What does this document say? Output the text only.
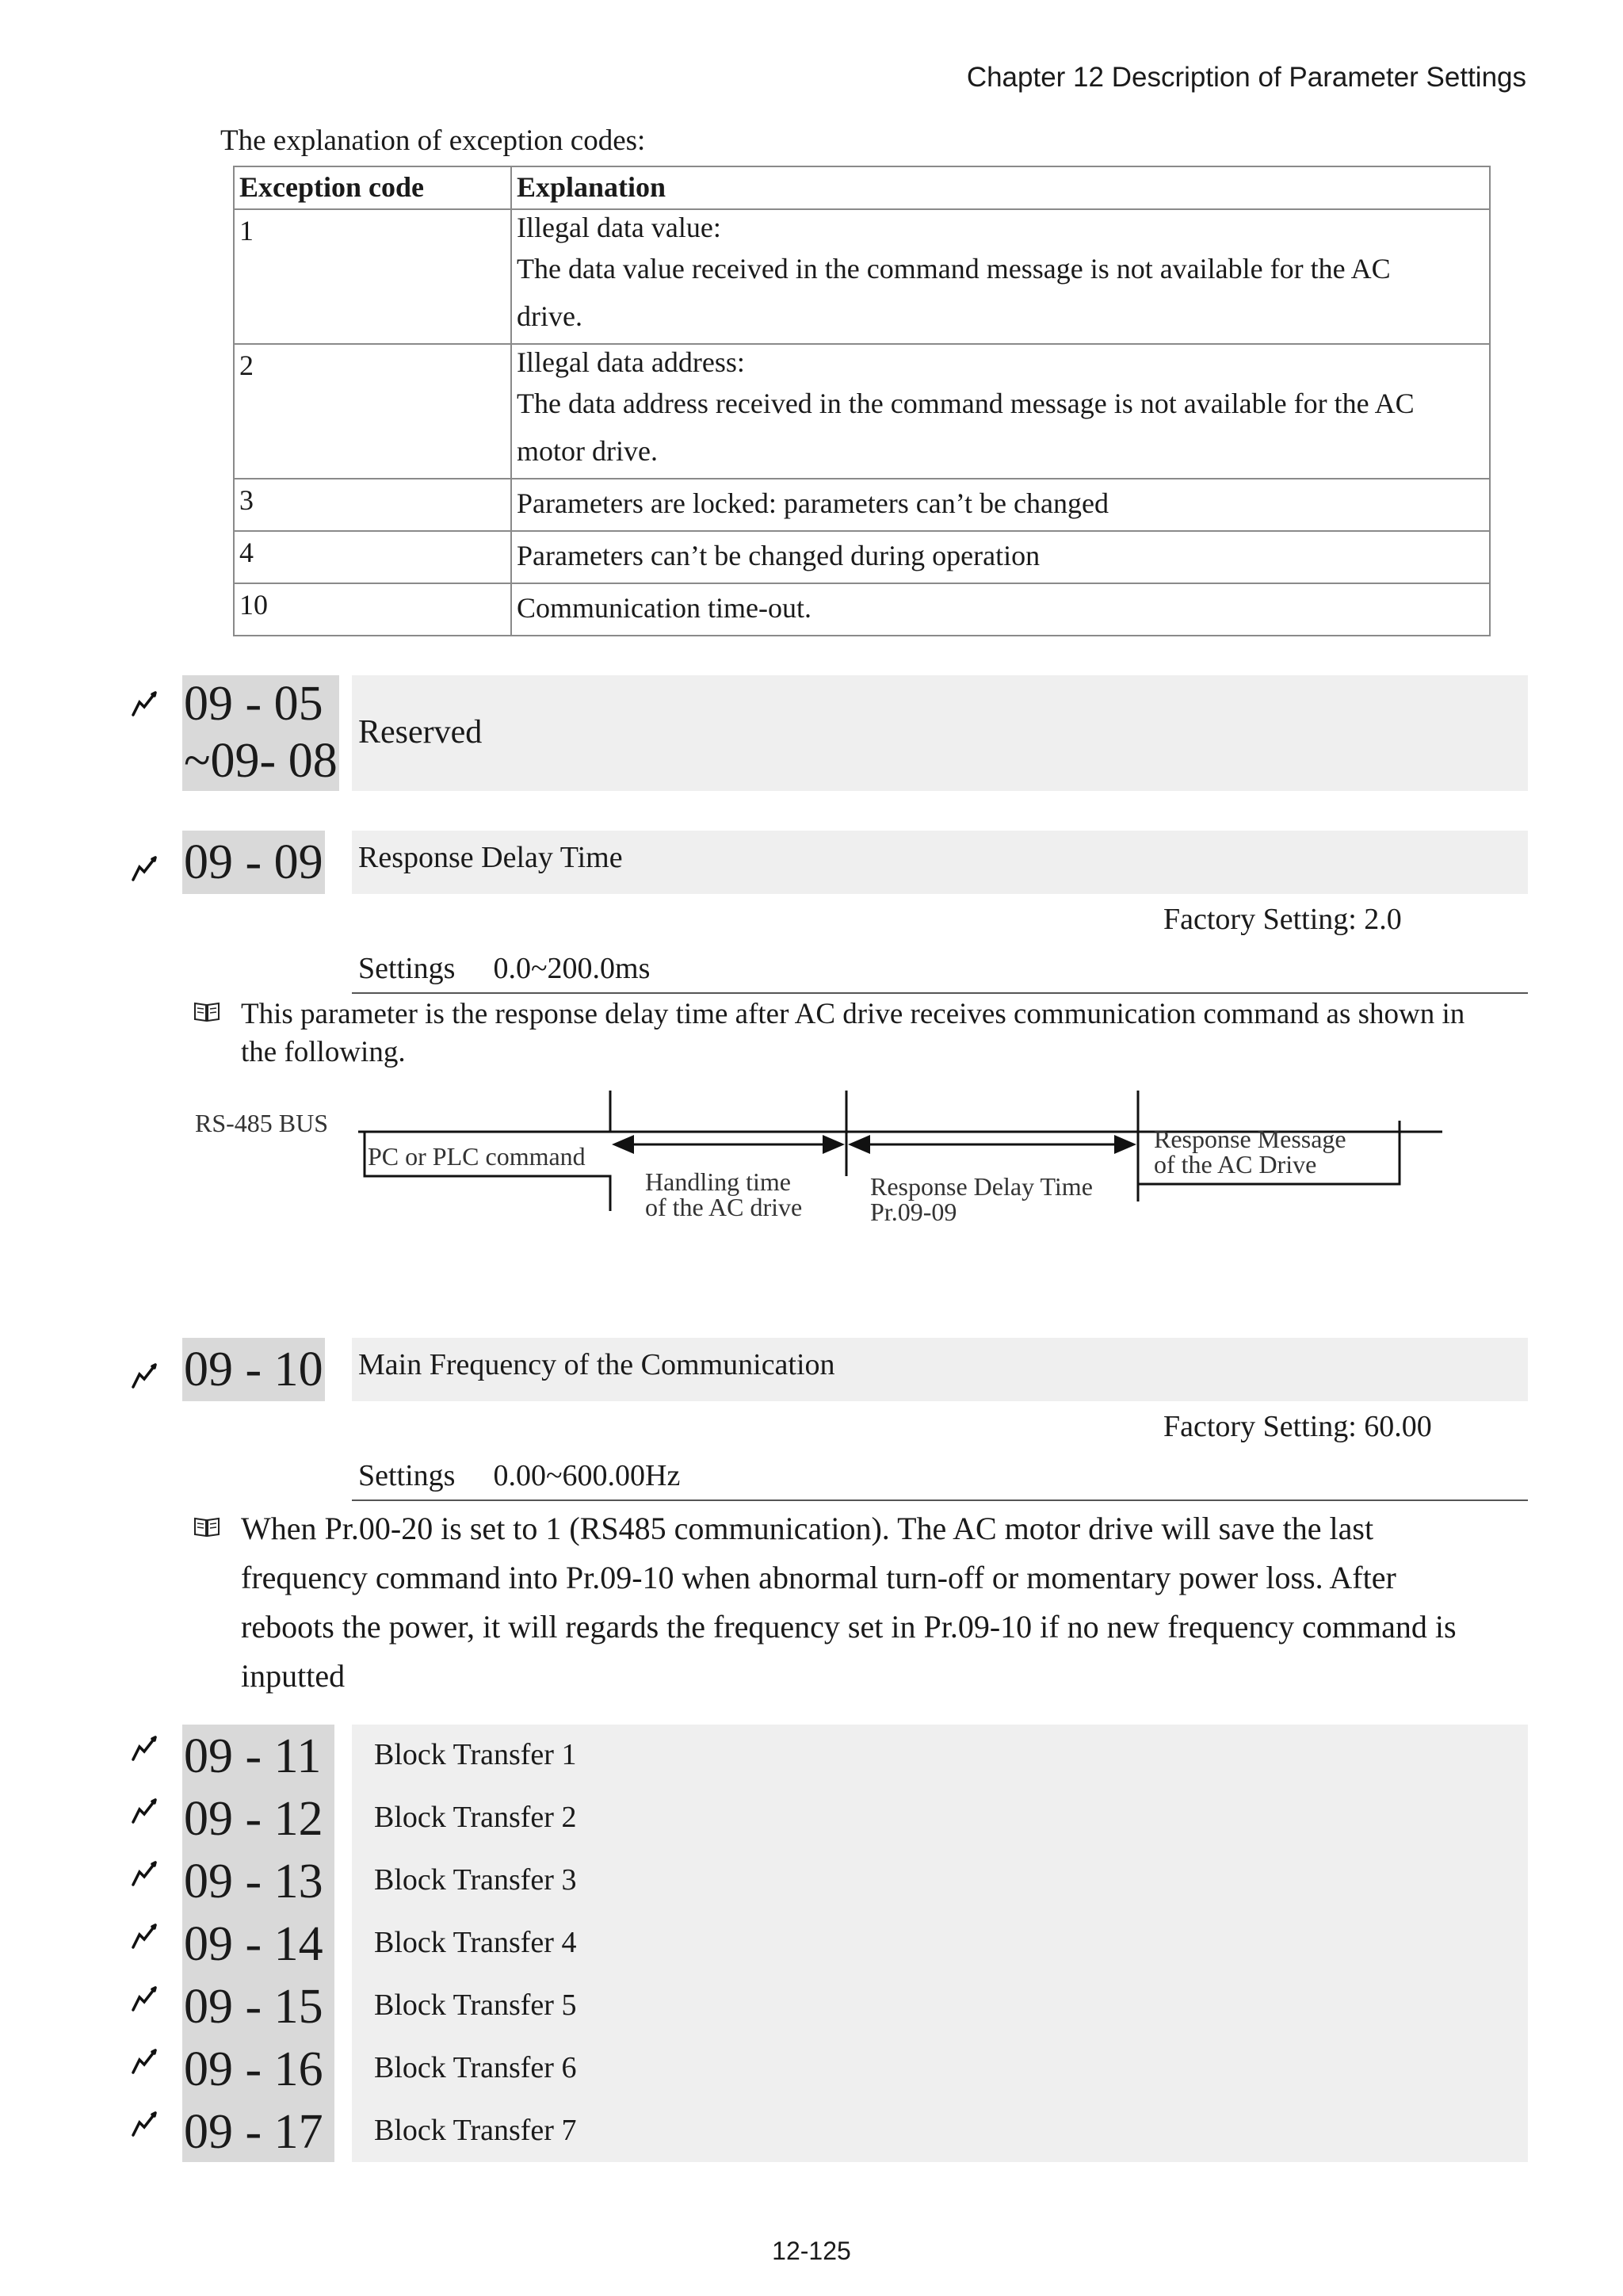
Chapter 12 Description of Parameter Settings
The explanation of exception codes:
Exception code	Explanation
1	Illegal data value:
The data value received in the command message is not available for the AC
drive.

2	Illegal data address:
The data address received in the command message is not available for the AC
motor drive.

3	Parameters are locked: parameters can’t be changed
4	Parameters can’t be changed during operation
10	Communication time-out.
09 - 05
~09- 08
Reserved
09 - 09 Response Delay Time
Factory Setting: 2.0
Settings 0.0~200.0ms
This parameter is the response delay time after AC drive receives communication command as shown in
the following.
RS-485 BUS
PC or PLC command
Handling time
of the AC drive
Response Delay Time
Pr.09-09
Response Message
of the AC Drive
09 - 10 Main Frequency of the Communication
Factory Setting: 60.00
Settings 0.00~600.00Hz
When Pr.00-20 is set to 1 (RS485 communication). The AC motor drive will save the last
frequency command into Pr.09-10 when abnormal turn-off or momentary power loss. After
reboots the power, it will regards the frequency set in Pr.09-10 if no new frequency command is
inputted
09 - 11 Block Transfer 1
09 - 12 Block Transfer 2
09 - 13 Block Transfer 3
09 - 14 Block Transfer 4
09 - 15 Block Transfer 5
09 - 16 Block Transfer 6
09 - 17 Block Transfer 7
12-125
